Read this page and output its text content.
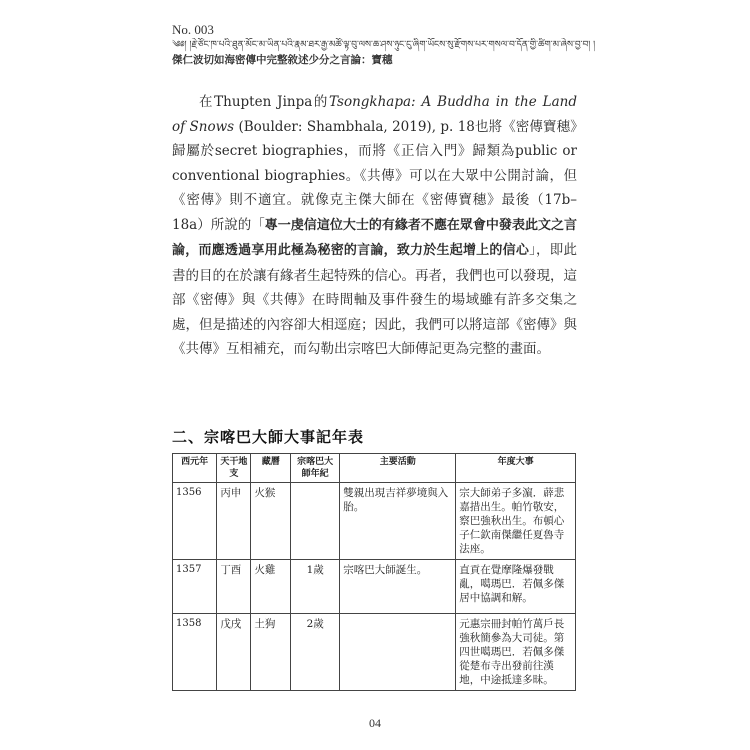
No. 003
༄༅། །རྗེ་ཙོང་ཁ་པའི་ཐུན་མོང་མ་ཡིན་པའི་རྣམ་ཐར་རྒྱ་མཚོ་ལྟ་བུ་ལས་ཆ་ཤས་ཉུང་ངུ་ཞིག་ཡོངས་སུ་རྫོགས་པར་གསལ་བ་དོན་གྱི་ཚིག་མ་ཞེས་བྱ་བ། །
傑仁波切如海密傳中完整敘述少分之言論：寶穗

在Thupten Jinpa的Tsongkhapa: A Buddha in the Land of Snows (Boulder: Shambhala, 2019), p. 18也將《密傳寶穗》歸屬於secret biographies，而將《正信入門》歸類為public or conventional biographies。《共傳》可以在大眾中公開討論，但《密傳》則不適宜。就像克主傑大師在《密傳寶穗》最後（17b–18a）所說的「專一虔信這位大士的有緣者不應在眾會中發表此文之言論，而應透過享用此極為秘密的言論，致力於生起增上的信心」，即此書的目的在於讓有緣者生起特殊的信心。再者，我們也可以發現，這部《密傳》與《共傳》在時間軸及事件發生的場域雖有許多交集之處，但是描述的內容卻大相逕庭；因此，我們可以將這部《密傳》與《共傳》互相補充，而勾勒出宗喀巴大師傳記更為完整的畫面。

二、宗喀巴大師大事記年表
西元年	天干地支	藏曆	宗喀巴大師年紀	主要活動	年度大事
1356	丙申	火猴		雙親出現吉祥夢境與入胎。	宗大師弟子多濵．薜悲嘉措出生。帕竹敬安，察巴強秋出生。布頓心子仁欽南傑繼任夏魯寺法座。
1357	丁酉	火雞	1歲	宗喀巴大師誕生。	直貢在覺摩隆爆發戰亂，噶瑪巴．若佩多傑居中協調和解。
1358	戊戌	土狗	2歲		元惠宗冊封帕竹萬戶長強秋簡參為大司徒。第四世噶瑪巴．若佩多傑從楚布寺出發前往漢地，中途抵達多昧。
04
